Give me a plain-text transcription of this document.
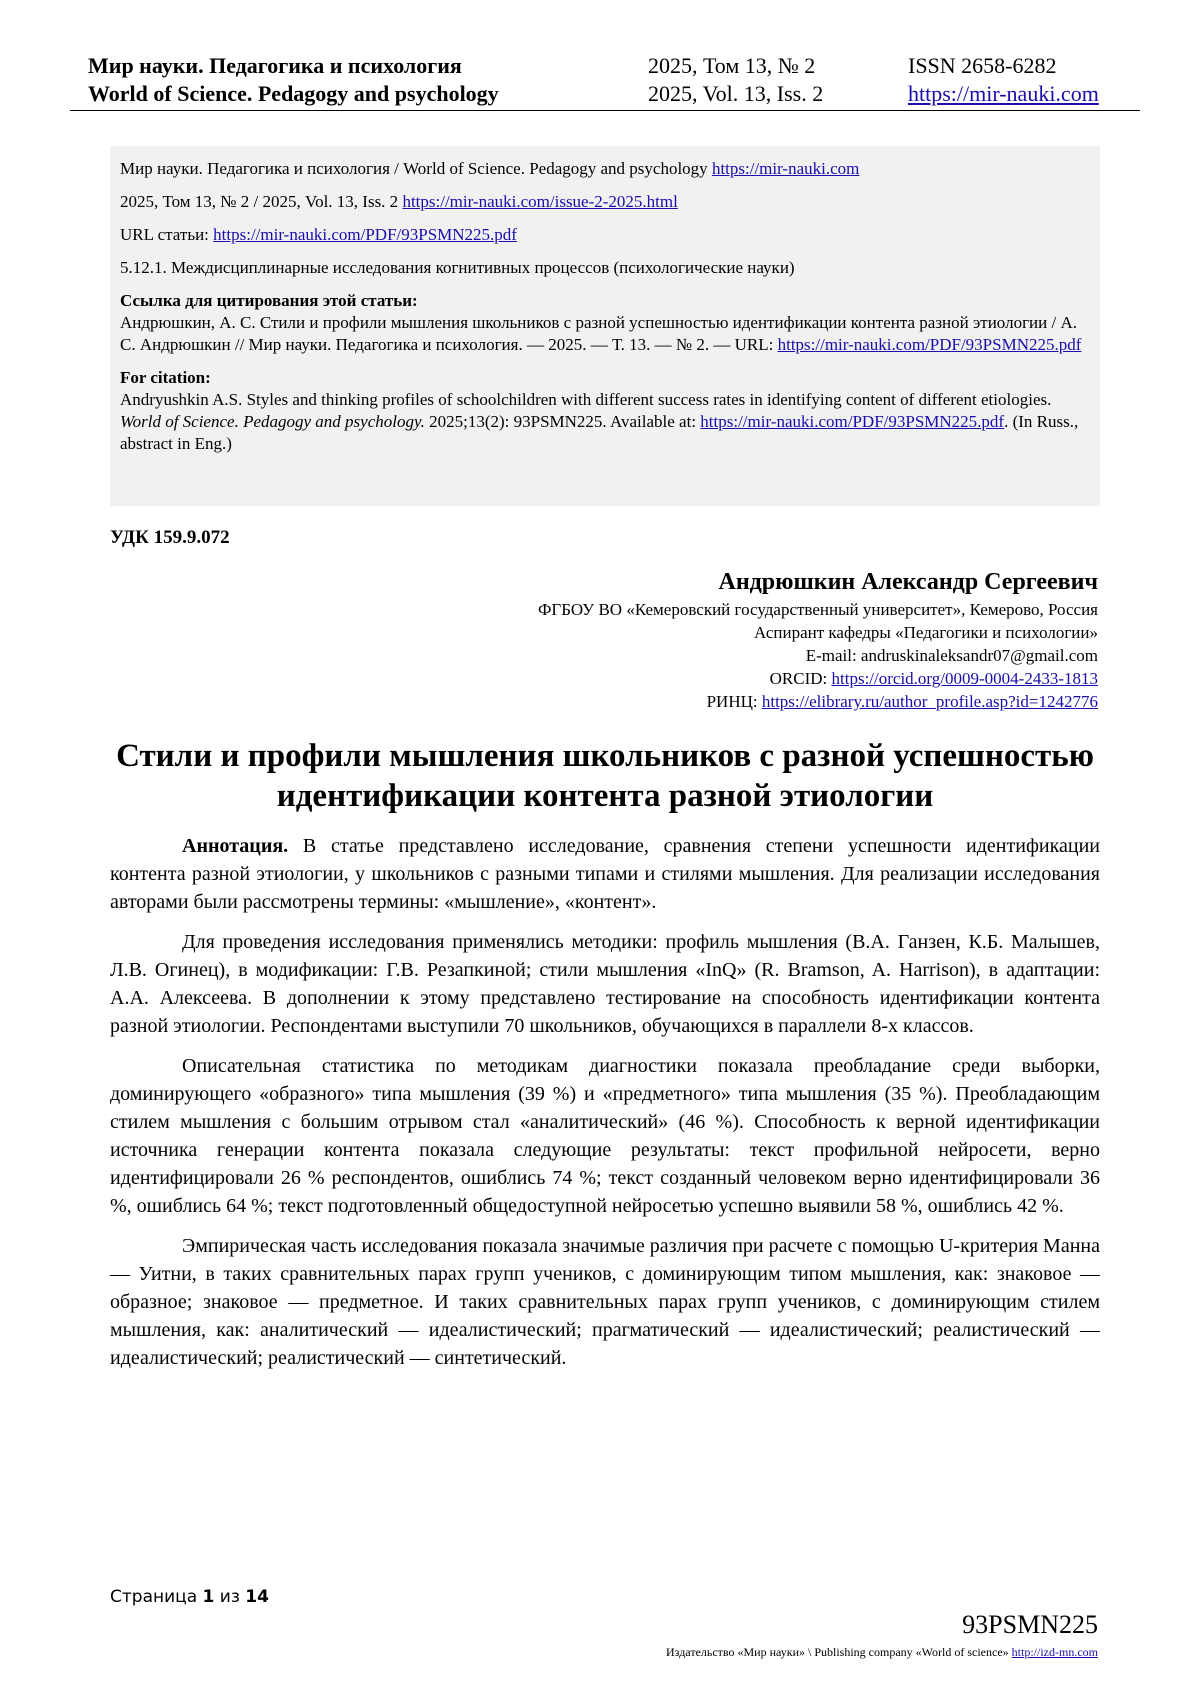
Мир науки. Педагогика и психология
World of Science. Pedagogy and psychology
2025, Том 13, № 2
2025, Vol. 13, Iss. 2
ISSN 2658-6282
https://mir-nauki.com

Мир науки. Педагогика и психология / World of Science. Pedagogy and psychology https://mir-nauki.com

2025, Том 13, № 2 / 2025, Vol. 13, Iss. 2 https://mir-nauki.com/issue-2-2025.html

URL статьи: https://mir-nauki.com/PDF/93PSMN225.pdf

5.12.1. Междисциплинарные исследования когнитивных процессов (психологические науки)

Ссылка для цитирования этой статьи:
Андрюшкин, А. С. Стили и профили мышления школьников с разной успешностью идентификации контента разной этиологии / А. С. Андрюшкин // Мир науки. Педагогика и психология. — 2025. — Т. 13. — № 2. — URL: https://mir-nauki.com/PDF/93PSMN225.pdf

For citation:
Andryushkin A.S. Styles and thinking profiles of schoolchildren with different success rates in identifying content of different etiologies. World of Science. Pedagogy and psychology. 2025;13(2): 93PSMN225. Available at: https://mir-nauki.com/PDF/93PSMN225.pdf. (In Russ., abstract in Eng.)

УДК 159.9.072
Андрюшкин Александр Сергеевич
ФГБОУ ВО «Кемеровский государственный университет», Кемерово, Россия
Аспирант кафедры «Педагогики и психологии»
E-mail: andruskinaleksandr07@gmail.com
ORCID: https://orcid.org/0009-0004-2433-1813
РИНЦ: https://elibrary.ru/author_profile.asp?id=1242776
Стили и профили мышления школьников с разной успешностью идентификации контента разной этиологии

Аннотация. В статье представлено исследование, сравнения степени успешности идентификации контента разной этиологии, у школьников с разными типами и стилями мышления. Для реализации исследования авторами были рассмотрены термины: «мышление», «контент».

Для проведения исследования применялись методики: профиль мышления (В.А. Ганзен, К.Б. Малышев, Л.В. Огинец), в модификации: Г.В. Резапкиной; стили мышления «InQ» (R. Bramson, A. Harrison), в адаптации: А.А. Алексеева. В дополнении к этому представлено тестирование на способность идентификации контента разной этиологии. Респондентами выступили 70 школьников, обучающихся в параллели 8-х классов.

Описательная статистика по методикам диагностики показала преобладание среди выборки, доминирующего «образного» типа мышления (39 %) и «предметного» типа мышления (35 %). Преобладающим стилем мышления с большим отрывом стал «аналитический» (46 %). Способность к верной идентификации источника генерации контента показала следующие результаты: текст профильной нейросети, верно идентифицировали 26 % респондентов, ошиблись 74 %; текст созданный человеком верно идентифицировали 36 %, ошиблись 64 %; текст подготовленный общедоступной нейросетью успешно выявили 58 %, ошиблись 42 %.

Эмпирическая часть исследования показала значимые различия при расчете с помощью U-критерия Манна — Уитни, в таких сравнительных парах групп учеников, с доминирующим типом мышления, как: знаковое — образное; знаковое — предметное. И таких сравнительных парах групп учеников, с доминирующим стилем мышления, как: аналитический — идеалистический; прагматический — идеалистический; реалистический — идеалистический; реалистический — синтетический.

Страница 1 из 14
93PSMN225
Издательство «Мир науки» \ Publishing company «World of science» http://izd-mn.com
